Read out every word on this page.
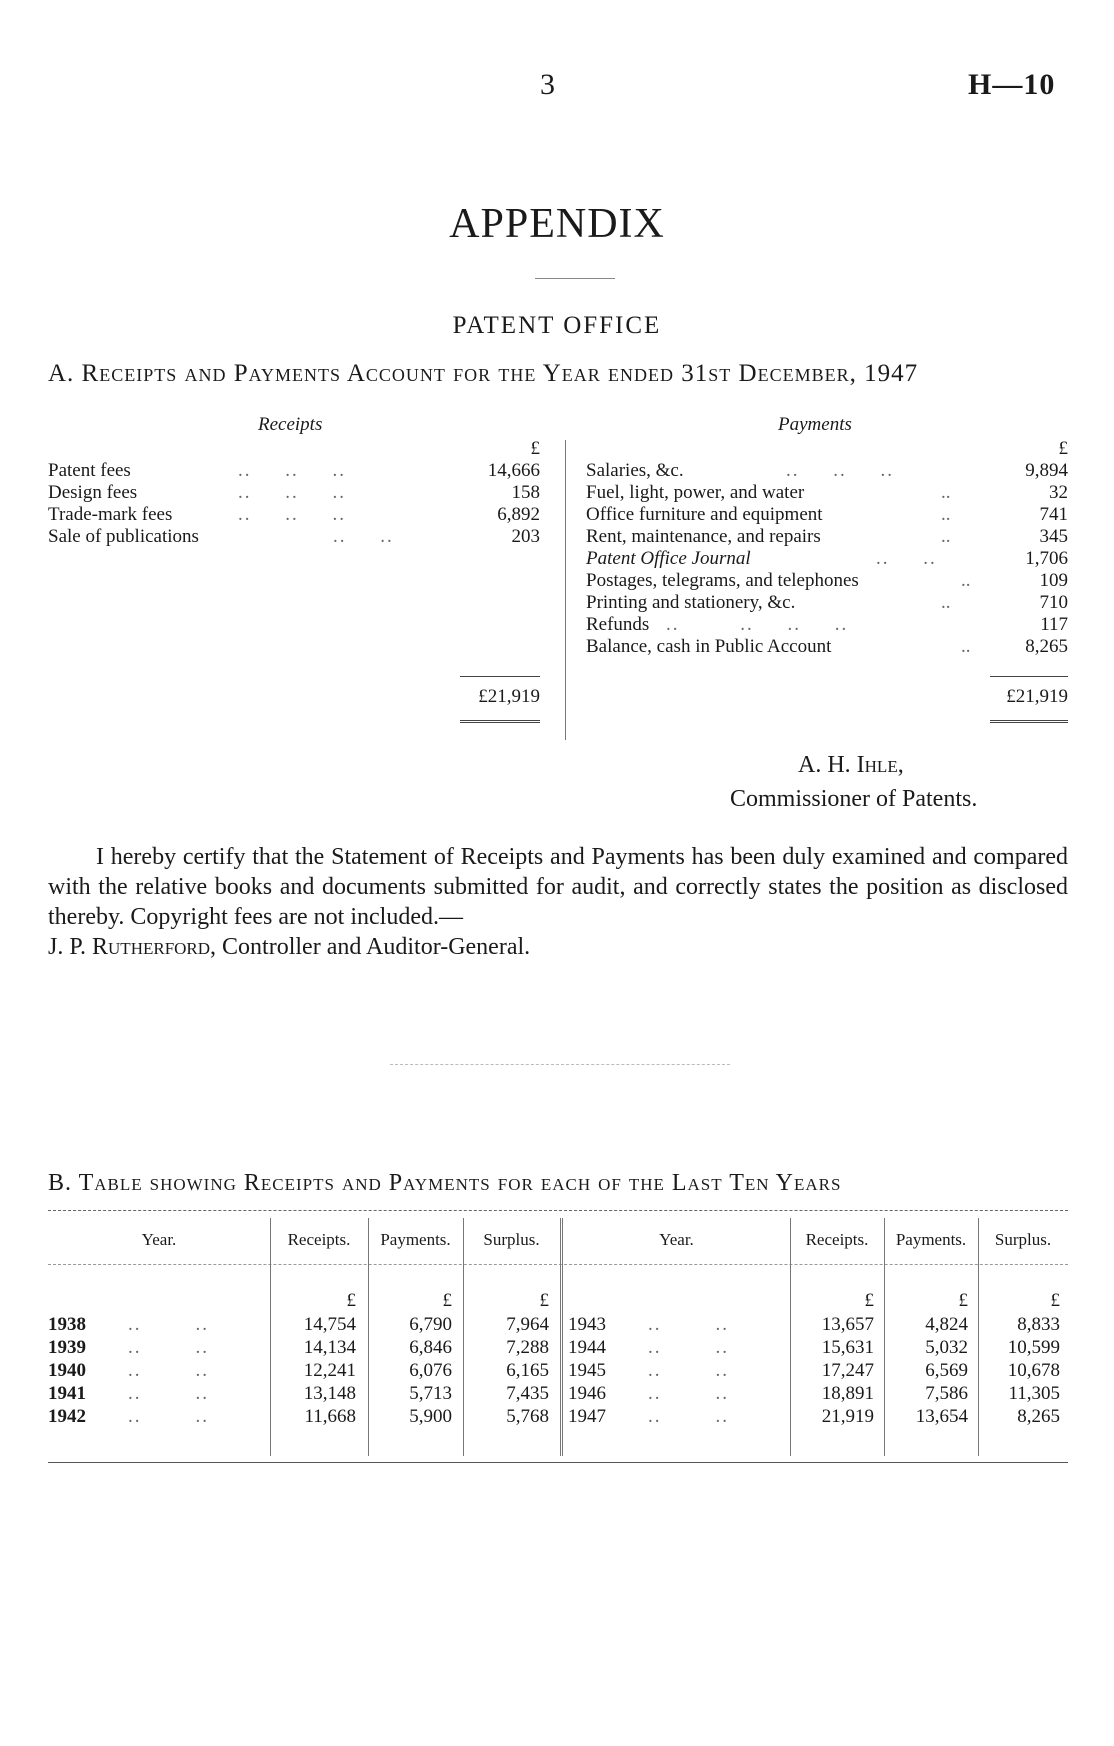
3	H—10
APPENDIX
PATENT OFFICE
A. Receipts and Payments Account for the Year ended 31st December, 1947
Receipts
£
Patent fees	14,666
Design fees	158
Trade-mark fees	6,892
Sale of publications	203
..     ..     ..
..     ..     ..
..     ..     ..
..     ..
£21,919
Payments
£
Salaries, &c.	9,894
Fuel, light, power, and water	32
Office furniture and equipment	741
Rent, maintenance, and repairs	345
Patent Office Journal	1,706
Postages, telegrams, and telephones	109
Printing and stationery, &c.	710
Refunds	117
Balance, cash in Public Account	8,265
..     ..     ..
..
..
..
..     ..
..
..
..         ..     ..     ..
..
£21,919
A. H. Ihle,
Commissioner of Patents.

I hereby certify that the Statement of Receipts and Payments has been duly examined and compared with the relative books and documents submitted for audit, and correctly states the position as disclosed thereby. Copyright fees are not included.—

J. P. Rutherford, Controller and Auditor-General.

B. Table showing Receipts and Payments for each of the Last Ten Years
Year.	Receipts.	Payments.	Surplus.	Year.	Receipts.	Payments.	Surplus.
£	£	£	£	£	£
1938 ..        ..	14,754	6,790	7,964
1939 ..        ..	14,134	6,846	7,288
1940 ..        ..	12,241	6,076	6,165
1941 ..        ..	13,148	5,713	7,435
1942 ..        ..	11,668	5,900	5,768
1943 ..        ..	13,657	4,824	8,833
1944 ..        ..	15,631	5,032	10,599
1945 ..        ..	17,247	6,569	10,678
1946 ..        ..	18,891	7,586	11,305
1947 ..        ..	21,919	13,654	8,265
